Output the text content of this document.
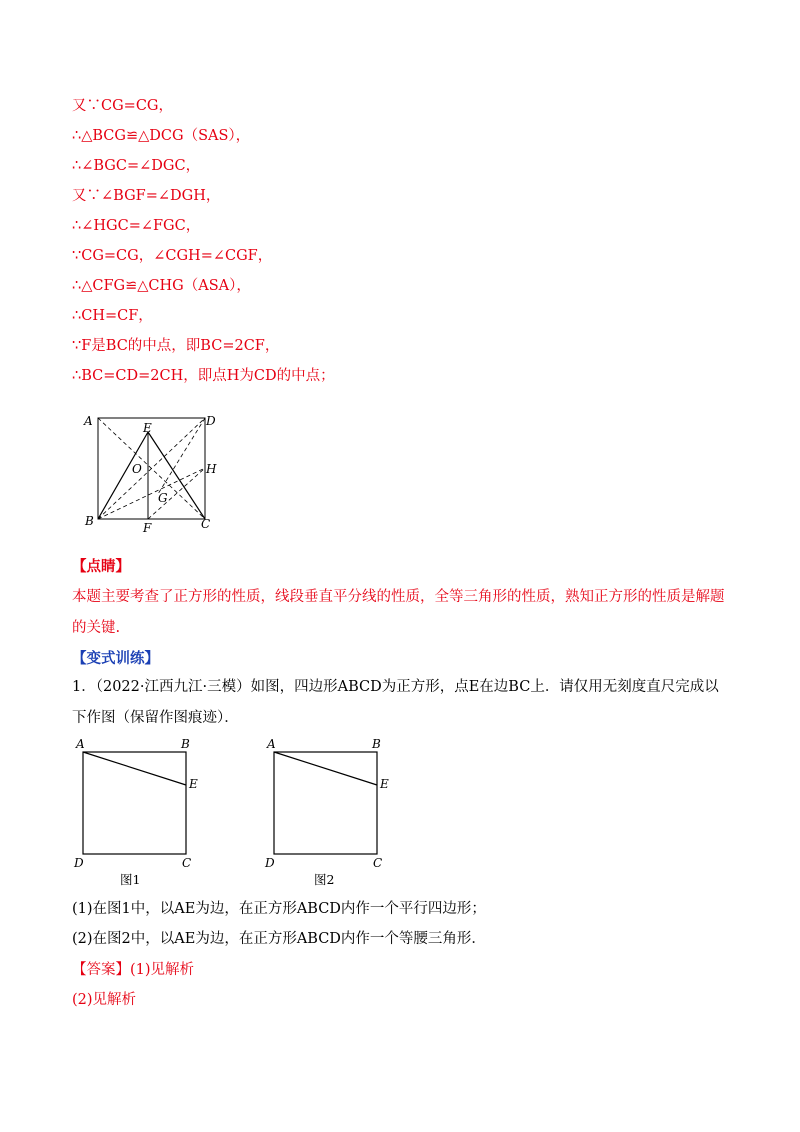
又∵CG=CG，
∴△BCG≌△DCG（SAS），
∴∠BGC=∠DGC，
又∵∠BGF=∠DGH，
∴∠HGC=∠FGC，
∵CG=CG，∠CGH=∠CGF，
∴△CFG≌△CHG（ASA），
∴CH=CF，
∵F是BC的中点，即BC=2CF，
∴BC=CD=2CH，即点H为CD的中点；
A	D
E
H
O
G
B	F	C
【点睛】
本题主要考查了正方形的性质，线段垂直平分线的性质，全等三角形的性质，熟知正方形的性质是解题的关键.
【变式训练】
1．（2022·江西九江·三模）如图，四边形ABCD为正方形，点E在边BC上．请仅用无刻度直尺完成以下作图（保留作图痕迹）．
A	B
E
D	C
图1
A	B
E
D	C
图2
(1)在图1中，以AE为边，在正方形ABCD内作一个平行四边形；
(2)在图2中，以AE为边，在正方形ABCD内作一个等腰三角形．
【答案】(1)见解析
(2)见解析
